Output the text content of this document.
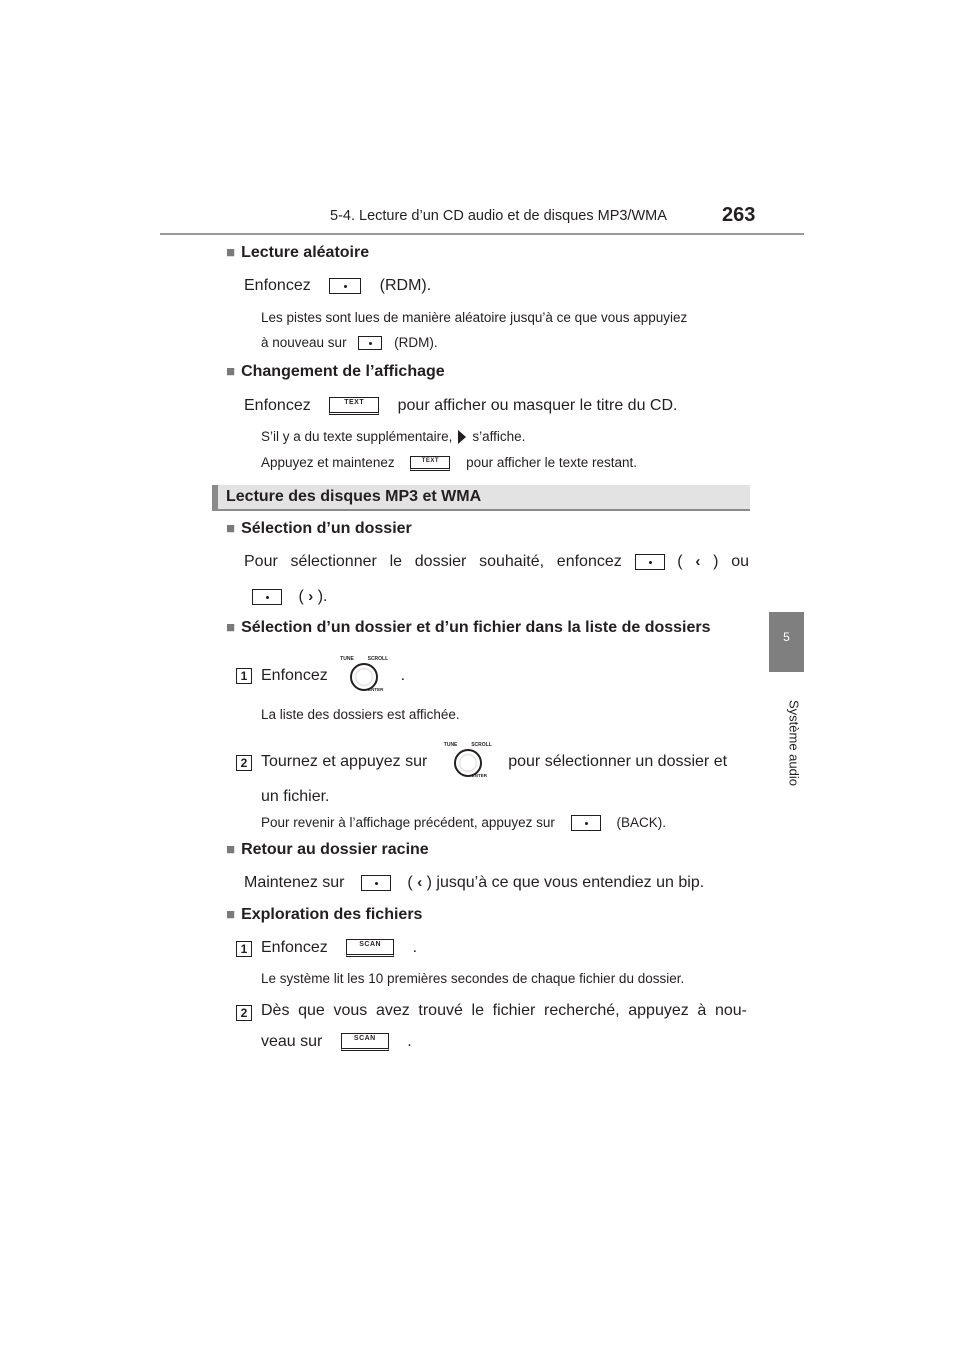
5-4. Lecture d’un CD audio et de disques MP3/WMA	263
5
Système audio
■ Lecture aléatoire
Enfoncez	(RDM).
Les pistes sont lues de manière aléatoire jusqu’à ce que vous appuyiez
à nouveau sur	(RDM).
■ Changement de l’affichage
Enfoncez	TEXT	pour afficher ou masquer le titre du CD.
S’il y a du texte supplémentaire, s’affiche.
Appuyez et maintenez	TEXT	pour afficher le texte restant.
Lecture des disques MP3 et WMA
■ Sélection d’un dossier
Pour sélectionner le dossier souhaité, enfoncez	( ‹ ) ou
( › ).
■ Sélection d’un dossier et d’un fichier dans la liste de dossiers
1 Enfoncez
TUNE	SCROLL
ENTER
.
La liste des dossiers est affichée.
2 Tournez et appuyez sur
TUNE	SCROLL
ENTER
pour sélectionner un dossier et
un fichier.
Pour revenir à l’affichage précédent, appuyez sur	(BACK).
■ Retour au dossier racine
Maintenez sur	( ‹ ) jusqu’à ce que vous entendiez un bip.
■ Exploration des fichiers
1 Enfoncez	SCAN	.
Le système lit les 10 premières secondes de chaque fichier du dossier.
2 Dès que vous avez trouvé le fichier recherché, appuyez à nou-
veau sur	SCAN	.
